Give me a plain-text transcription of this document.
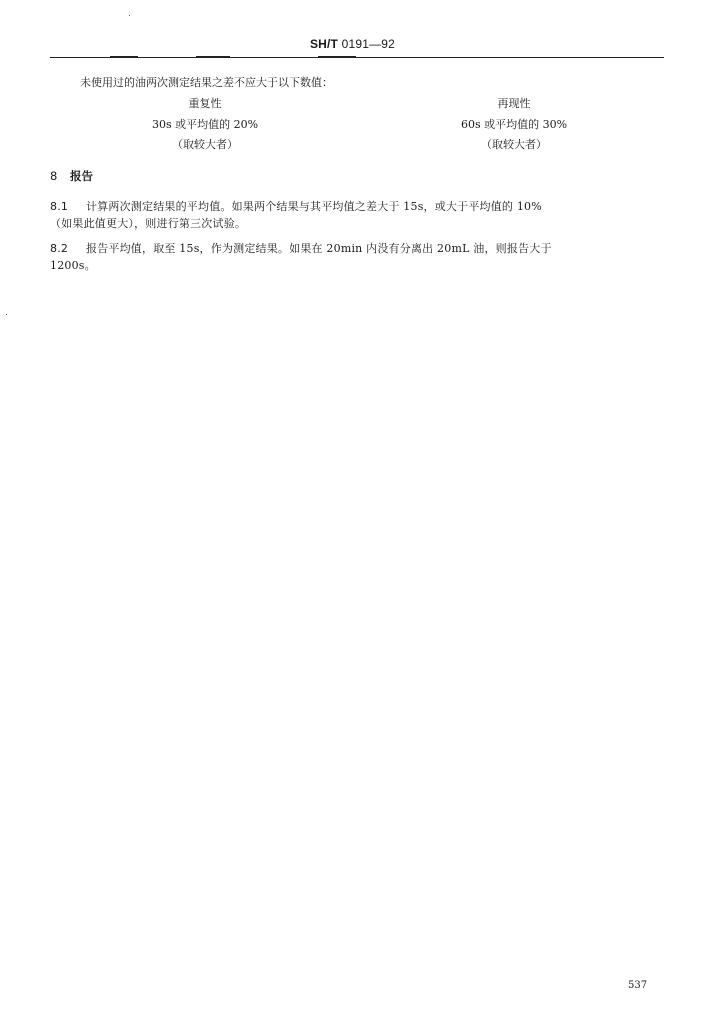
SH/T 0191—92
未使用过的油两次测定结果之差不应大于以下数值：
重复性	再现性
30s 或平均值的 20%	60s 或平均值的 30%
（取较大者）	（取较大者）
8 报告
8.1 计算两次测定结果的平均值。如果两个结果与其平均值之差大于 15s，或大于平均值的 10%
（如果此值更大），则进行第三次试验。
8.2 报告平均值，取至 15s，作为测定结果。如果在 20min 内没有分离出 20mL 油，则报告大于
1200s。
537
